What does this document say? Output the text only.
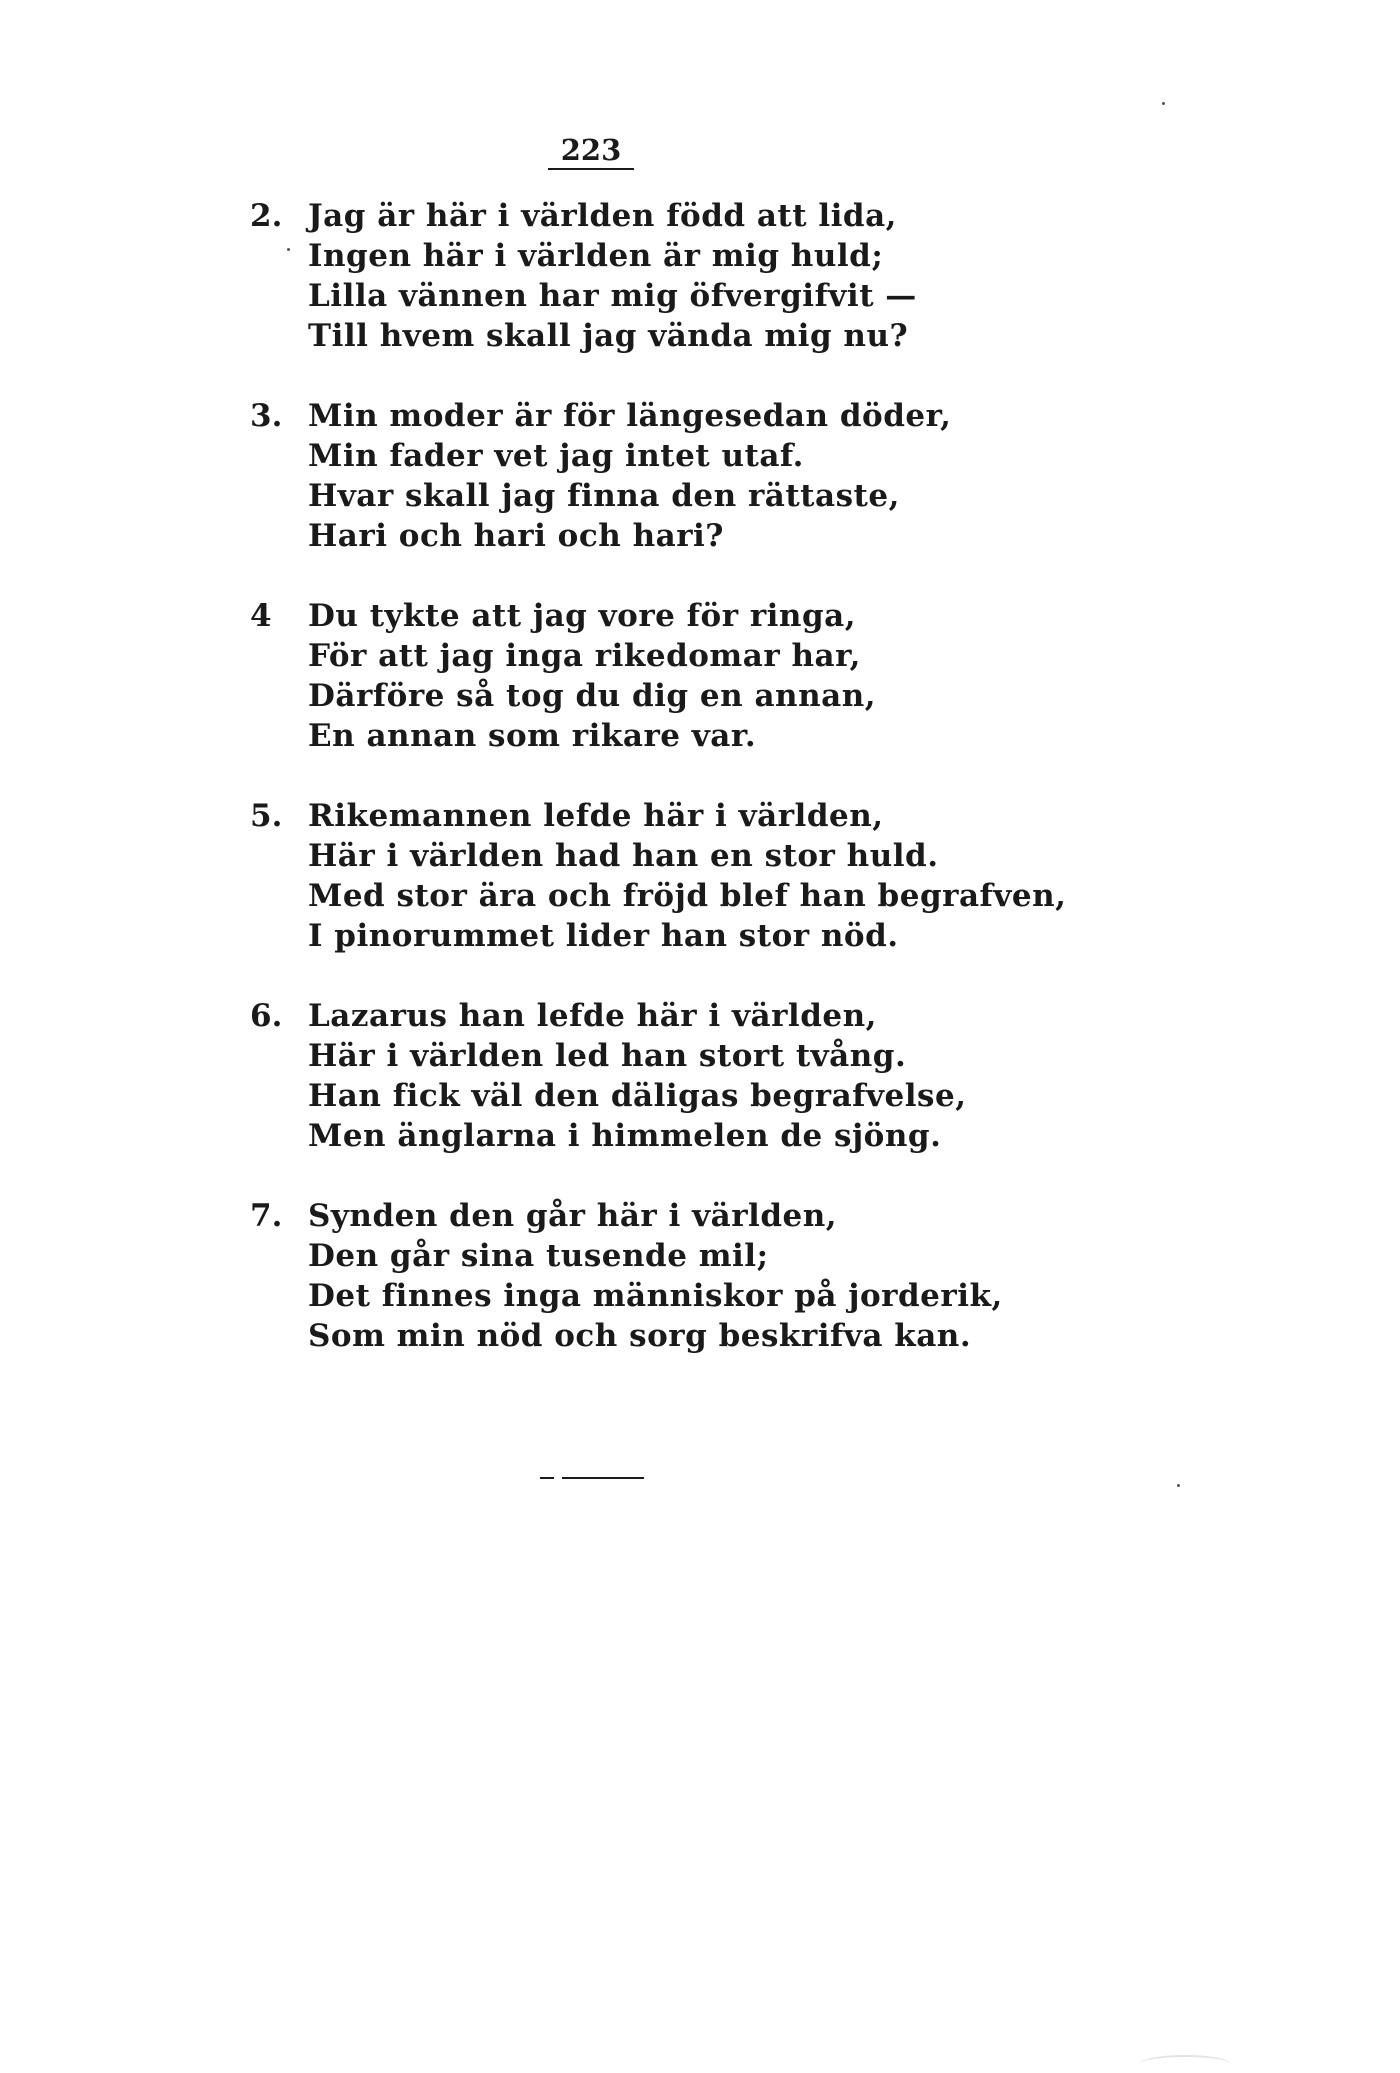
223
2. Jag är här i världen född att lida,
Ingen här i världen är mig huld;
Lilla vännen har mig öfvergifvit —
Till hvem skall jag vända mig nu?
3. Min moder är för längesedan döder,
Min fader vet jag intet utaf.
Hvar skall jag finna den rättaste,
Hari och hari och hari?
4 Du tykte att jag vore för ringa,
För att jag inga rikedomar har,
Därföre så tog du dig en annan,
En annan som rikare var.
5. Rikemannen lefde här i världen,
Här i världen had han en stor huld.
Med stor ära och fröjd blef han begrafven,
I pinorummet lider han stor nöd.
6. Lazarus han lefde här i världen,
Här i världen led han stort tvång.
Han fick väl den däligas begrafvelse,
Men änglarna i himmelen de sjöng.
7. Synden den går här i världen,
Den går sina tusende mil;
Det finnes inga människor på jorderik,
Som min nöd och sorg beskrifva kan.
